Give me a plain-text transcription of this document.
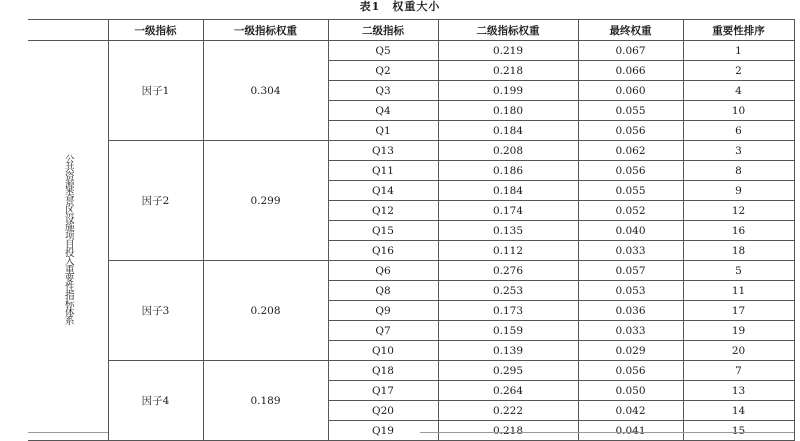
表1　权重大小
	一级指标	一级指标权重	二级指标	二级指标权重	最终权重	重要性排序
公共资源类景区设施项目投入重要性指标体系	因子1	0.304	Q5	0.219	0.067	1
			Q2	0.218	0.066	2
			Q3	0.199	0.060	4
			Q4	0.180	0.055	10
			Q1	0.184	0.056	6
	因子2	0.299	Q13	0.208	0.062	3
			Q11	0.186	0.056	8
			Q14	0.184	0.055	9
			Q12	0.174	0.052	12
			Q15	0.135	0.040	16
			Q16	0.112	0.033	18
	因子3	0.208	Q6	0.276	0.057	5
			Q8	0.253	0.053	11
			Q9	0.173	0.036	17
			Q7	0.159	0.033	19
			Q10	0.139	0.029	20
	因子4	0.189	Q18	0.295	0.056	7
			Q17	0.264	0.050	13
			Q20	0.222	0.042	14
			Q19	0.218	0.041	15
